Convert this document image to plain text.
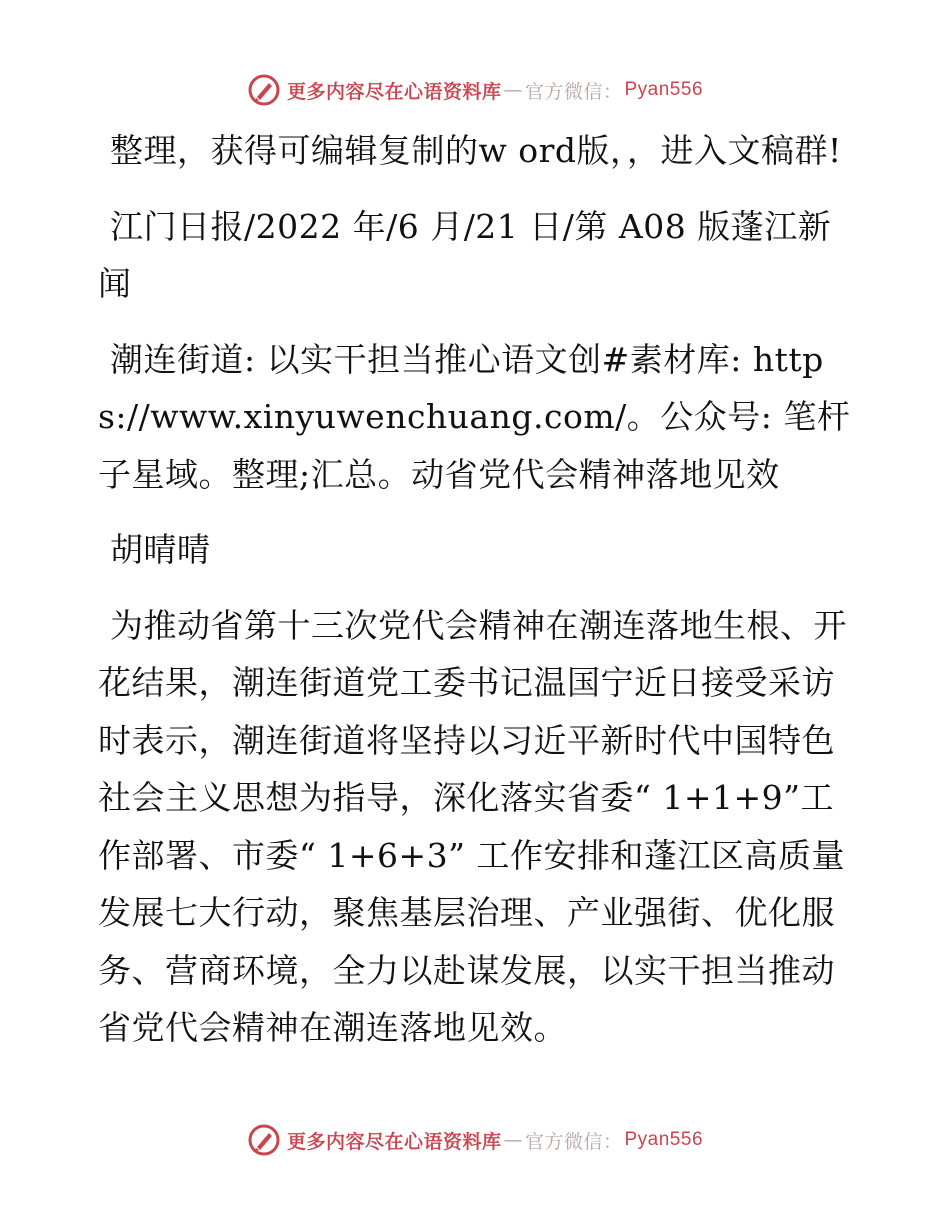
更多内容尽在心语资料库 — 官方微信： Pyan556

整理，获得可编辑复制的w ord版，，进入文稿群!

江门日报/2022 年/6 月/21 日/第 A08 版蓬江新闻

潮连街道: 以实干担当推心语文创#素材库: https://www.xinyuwenchuang.com/。公众号: 笔杆子星域。整理;汇总。动省党代会精神落地见效

胡晴晴

为推动省第十三次党代会精神在潮连落地生根、开花结果，潮连街道党工委书记温国宁近日接受采访时表示，潮连街道将坚持以习近平新时代中国特色社会主义思想为指导，深化落实省委“ 1+1+9”工作部署、市委“ 1+6+3” 工作安排和蓬江区高质量发展七大行动，聚焦基层治理、产业强街、优化服务、营商环境，全力以赴谋发展，以实干担当推动省党代会精神在潮连落地见效。

更多内容尽在心语资料库 — 官方微信： Pyan556
